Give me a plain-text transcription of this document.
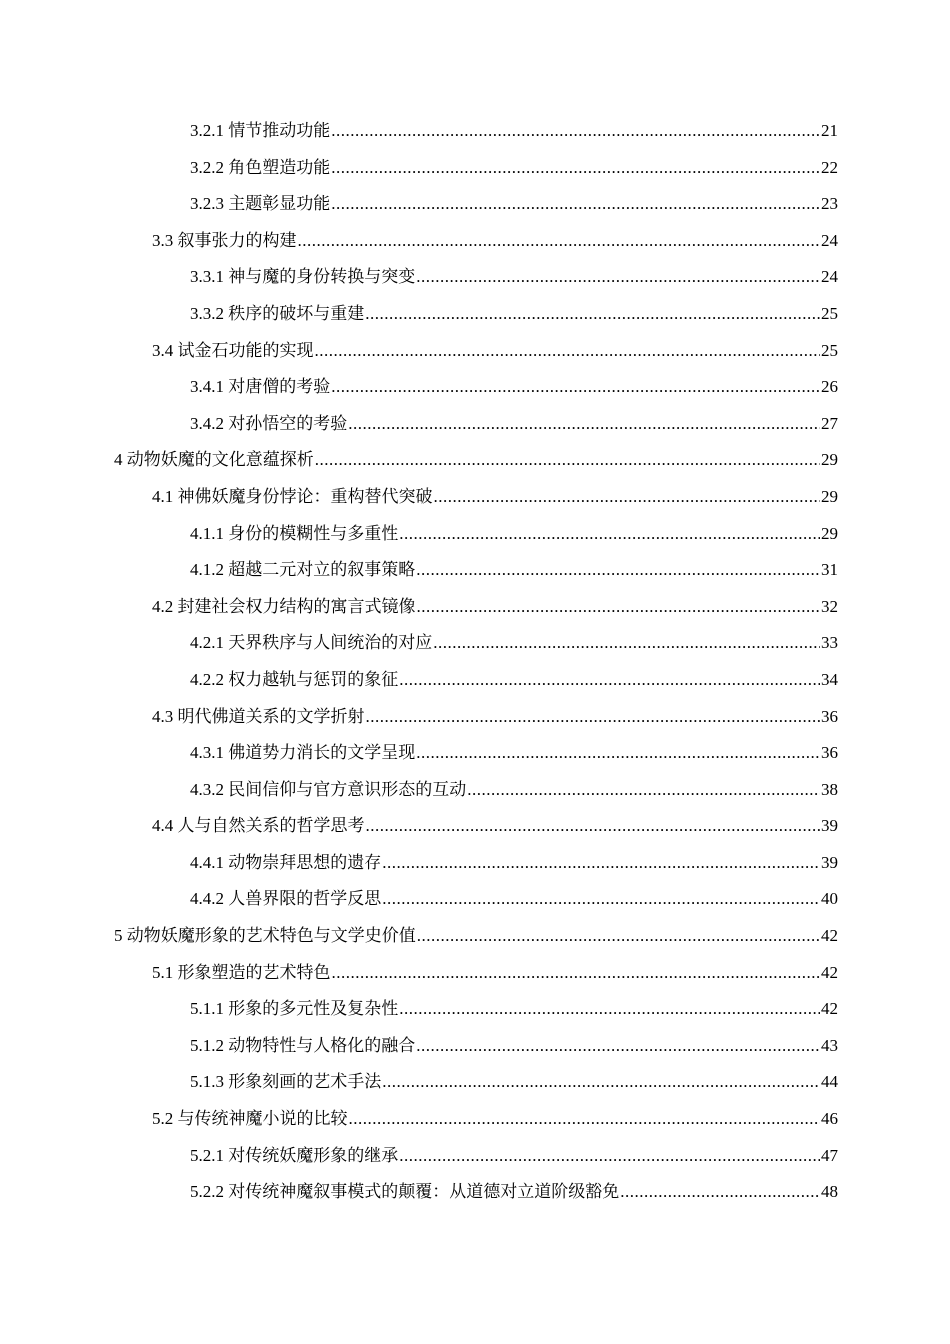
3.2.1 情节推动功能 .....	21
3.2.2 角色塑造功能 .....	22
3.2.3 主题彰显功能 .....	23
3.3 叙事张力的构建 .....	24
3.3.1 神与魔的身份转换与突变 .....	24
3.3.2 秩序的破坏与重建 .....	25
3.4 试金石功能的实现 .....	25
3.4.1 对唐僧的考验 .....	26
3.4.2 对孙悟空的考验 .....	27
4 动物妖魔的文化意蕴探析 .....	29
4.1 神佛妖魔身份悖论：重构替代突破 .....	29
4.1.1 身份的模糊性与多重性 .....	29
4.1.2 超越二元对立的叙事策略 .....	31
4.2 封建社会权力结构的寓言式镜像 .....	32
4.2.1 天界秩序与人间统治的对应 .....	33
4.2.2 权力越轨与惩罚的象征 .....	34
4.3 明代佛道关系的文学折射 .....	36
4.3.1 佛道势力消长的文学呈现 .....	36
4.3.2 民间信仰与官方意识形态的互动 .....	38
4.4 人与自然关系的哲学思考 .....	39
4.4.1 动物崇拜思想的遗存 .....	39
4.4.2 人兽界限的哲学反思 .....	40
5 动物妖魔形象的艺术特色与文学史价值 .....	42
5.1 形象塑造的艺术特色 .....	42
5.1.1 形象的多元性及复杂性 .....	42
5.1.2 动物特性与人格化的融合 .....	43
5.1.3 形象刻画的艺术手法 .....	44
5.2 与传统神魔小说的比较 .....	46
5.2.1 对传统妖魔形象的继承 .....	47
5.2.2 对传统神魔叙事模式的颠覆：从道德对立道阶级豁免 .....	48
